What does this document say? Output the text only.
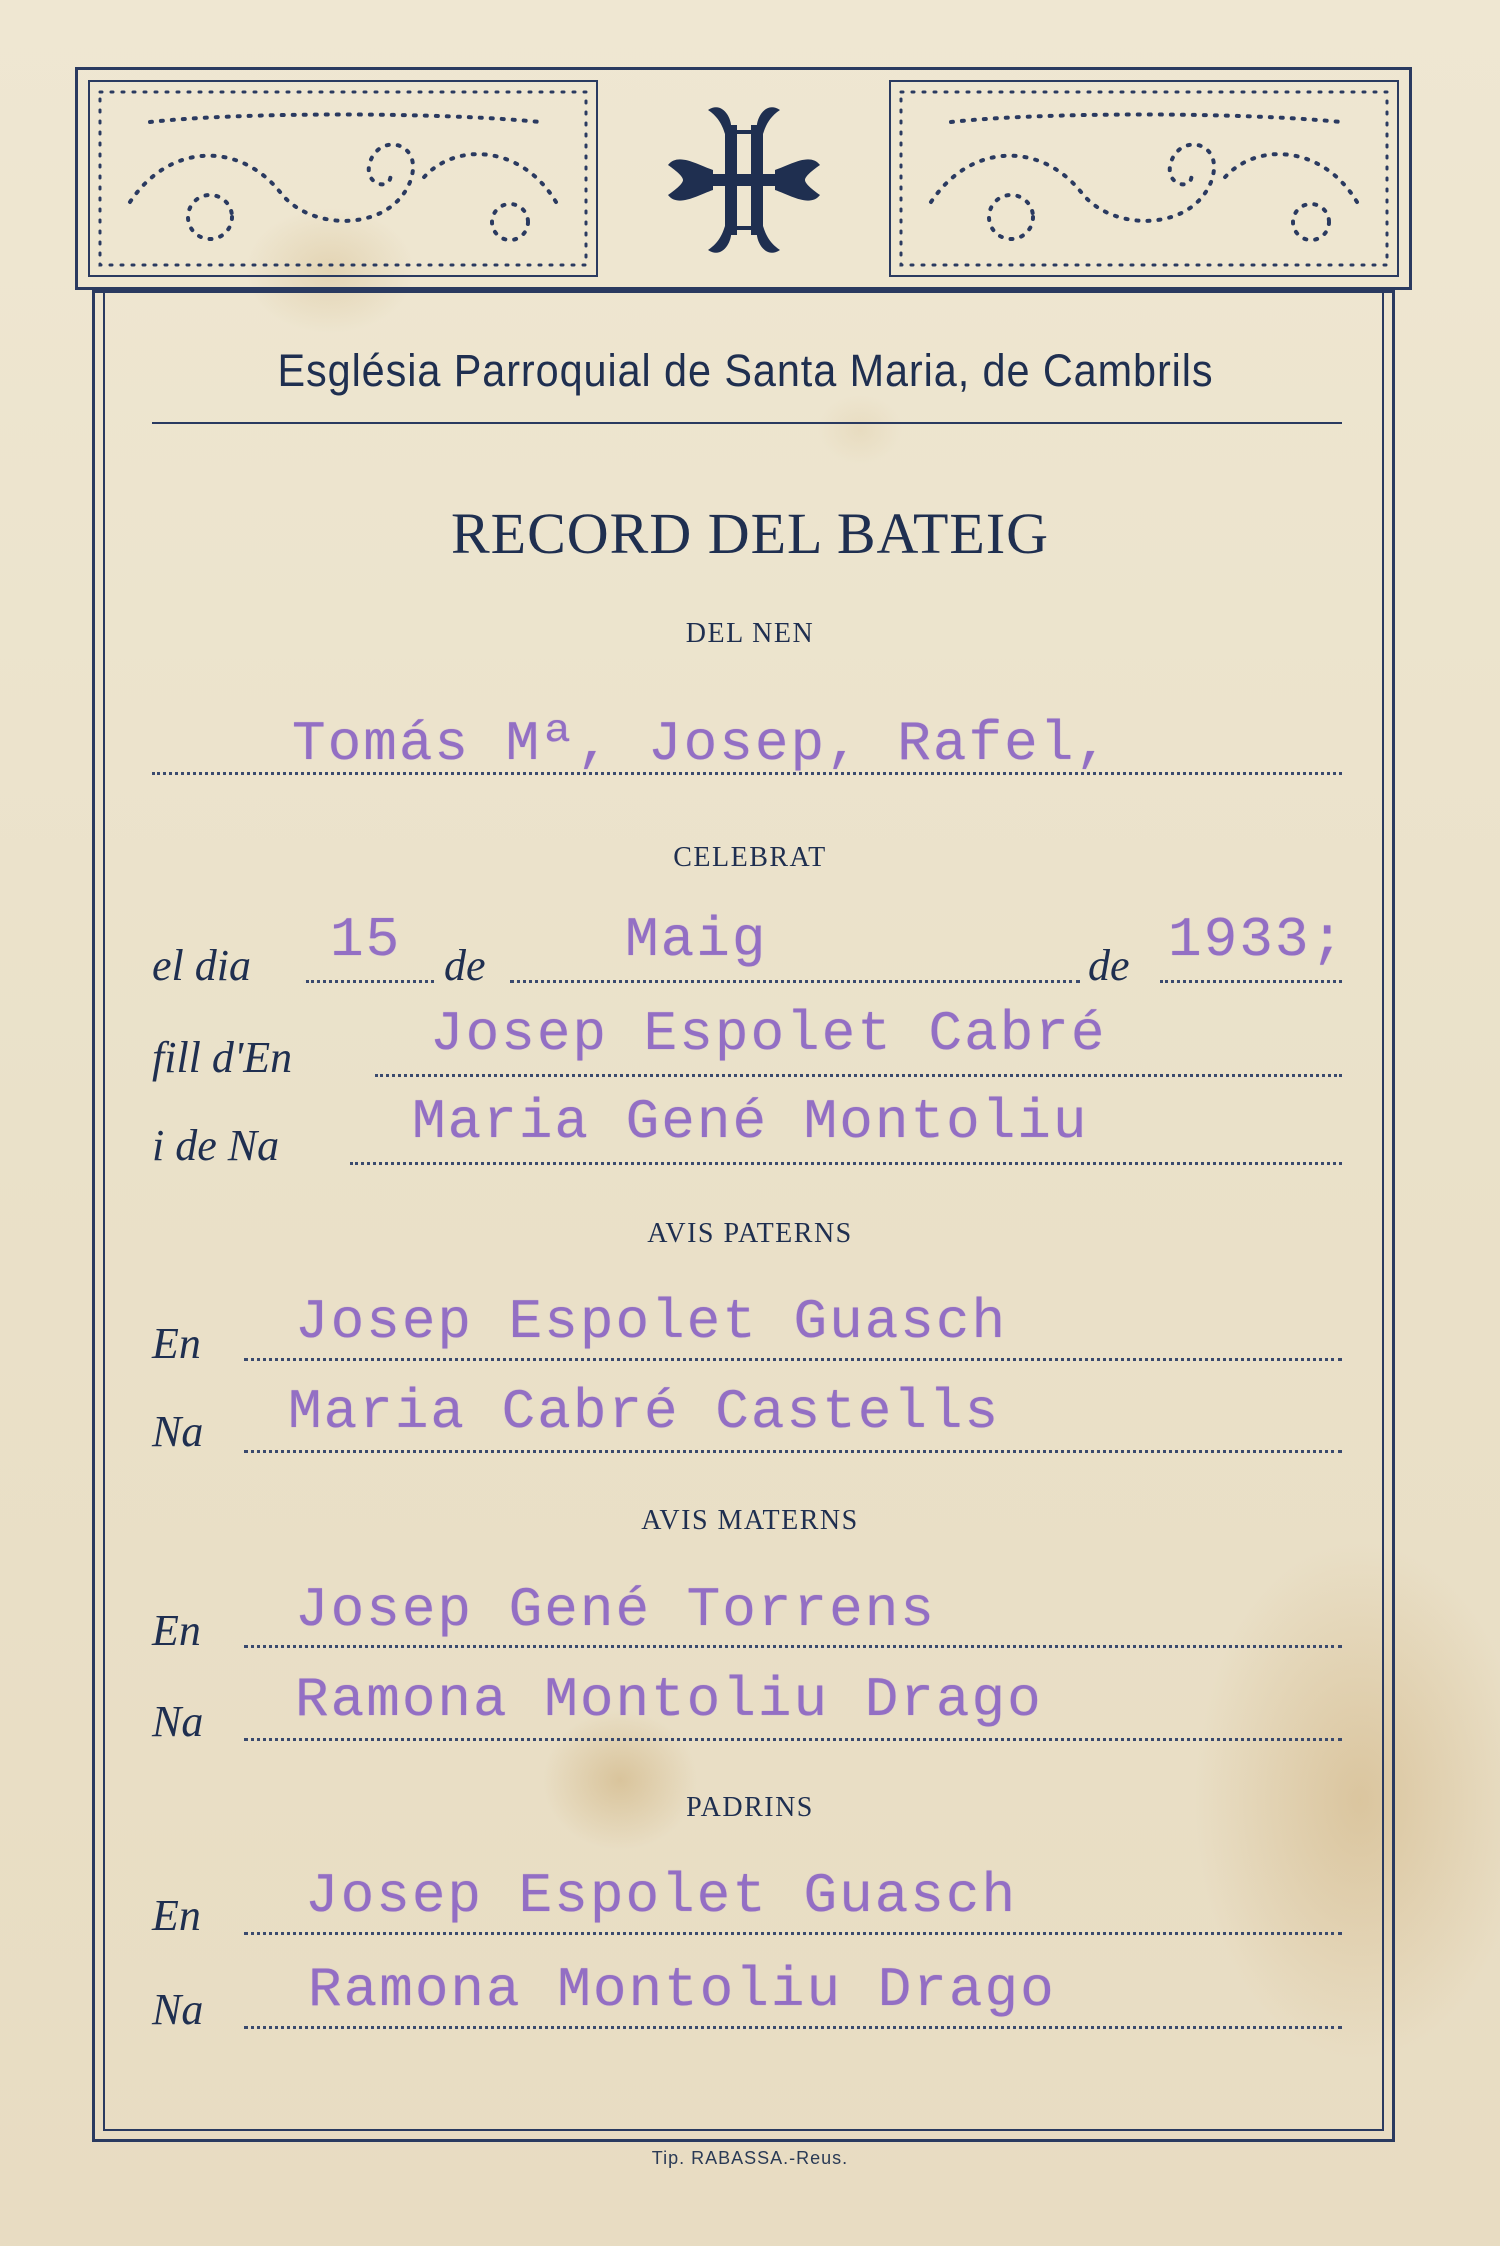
Església Parroquial de Santa Maria, de Cambrils
RECORD DEL BATEIG
DEL NEN
Tomás Mª, Josep, Rafel,
CELEBRAT
el dia 15 de Maig	de 1933;
fill d'En Josep Espolet Cabré
i de Na Maria Gené Montoliu
AVIS PATERNS
En Josep Espolet Guasch
Na Maria Cabré Castells
AVIS MATERNS
En Josep Gené Torrens
Na Ramona Montoliu Drago
PADRINS
En Josep Espolet Guasch
Na Ramona Montoliu Drago
Tip. RABASSA.-Reus.
